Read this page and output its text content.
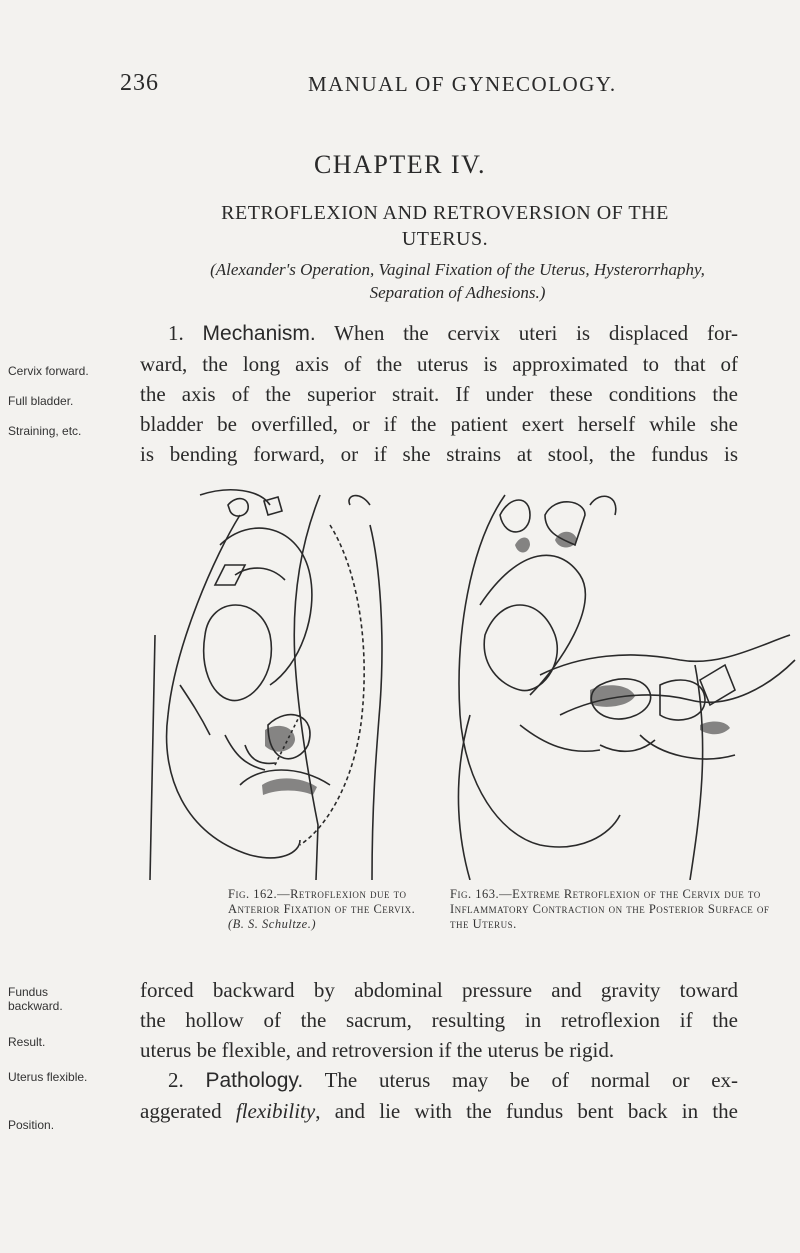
236	MANUAL OF GYNECOLOGY.
CHAPTER IV.
RETROFLEXION AND RETROVERSION OF THE
UTERUS.
(Alexander's Operation, Vaginal Fixation of the Uterus, Hysterorrhaphy,
Separation of Adhesions.)
Cervix forward.
Full bladder.
Straining, etc.
1. Mechanism. When the cervix uteri is displaced for-
ward, the long axis of the uterus is approximated to that of
the axis of the superior strait. If under these conditions the
bladder be overfilled, or if the patient exert herself while she
is bending forward, or if she strains at stool, the fundus is
Fig. 162.—Retroflexion due to Anterior Fixation of the Cervix.
(B. S. Schultze.)
Fig. 163.—Extreme Retroflexion of the Cervix due to Inflammatory Contraction on the Posterior Surface of the Uterus.
Fundus backward.
Result.
Uterus flexible.
Position.
forced backward by abdominal pressure and gravity toward
the hollow of the sacrum, resulting in retroflexion if the
uterus be flexible, and retroversion if the uterus be rigid.
2. Pathology. The uterus may be of normal or ex-
aggerated flexibility, and lie with the fundus bent back in the
